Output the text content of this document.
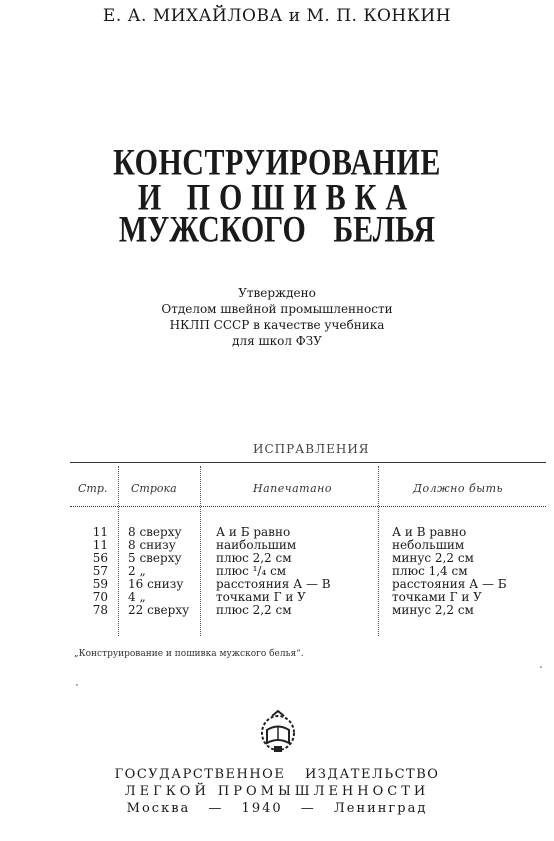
Е. А. МИХАЙЛОВА и М. П. КОНКИН
КОНСТРУИРОВАНИЕ
И ПОШИВКА
МУЖСКОГО БЕЛЬЯ
Утверждено
Отделом швейной промышленности
НКЛП СССР в качестве учебника
для школ ФЗУ
ИСПРАВЛЕНИЯ
Стр. Строка	Напечатано	Должно быть
11
11
56
57
59
70
78
8 сверху
8 снизу
5 сверху
2 „
16 снизу
4 „
22 сверху
А и Б равно
наибольшим
плюс 2,2 см
плюс ¹/₄ см
расстояния А — В
точками Г и У
плюс 2,2 см
А и В равно
небольшим
минус 2,2 см
плюс 1,4 см
расстояния А — Б
точками Г и У
минус 2,2 см
„Конструирование и пошивка мужского белья“.
ГОСУДАРСТВЕННОЕ ИЗДАТЕЛЬСТВО
ЛЕГКОЙ ПРОМЫШЛЕННОСТИ
Москва — 1940 — Ленинград
